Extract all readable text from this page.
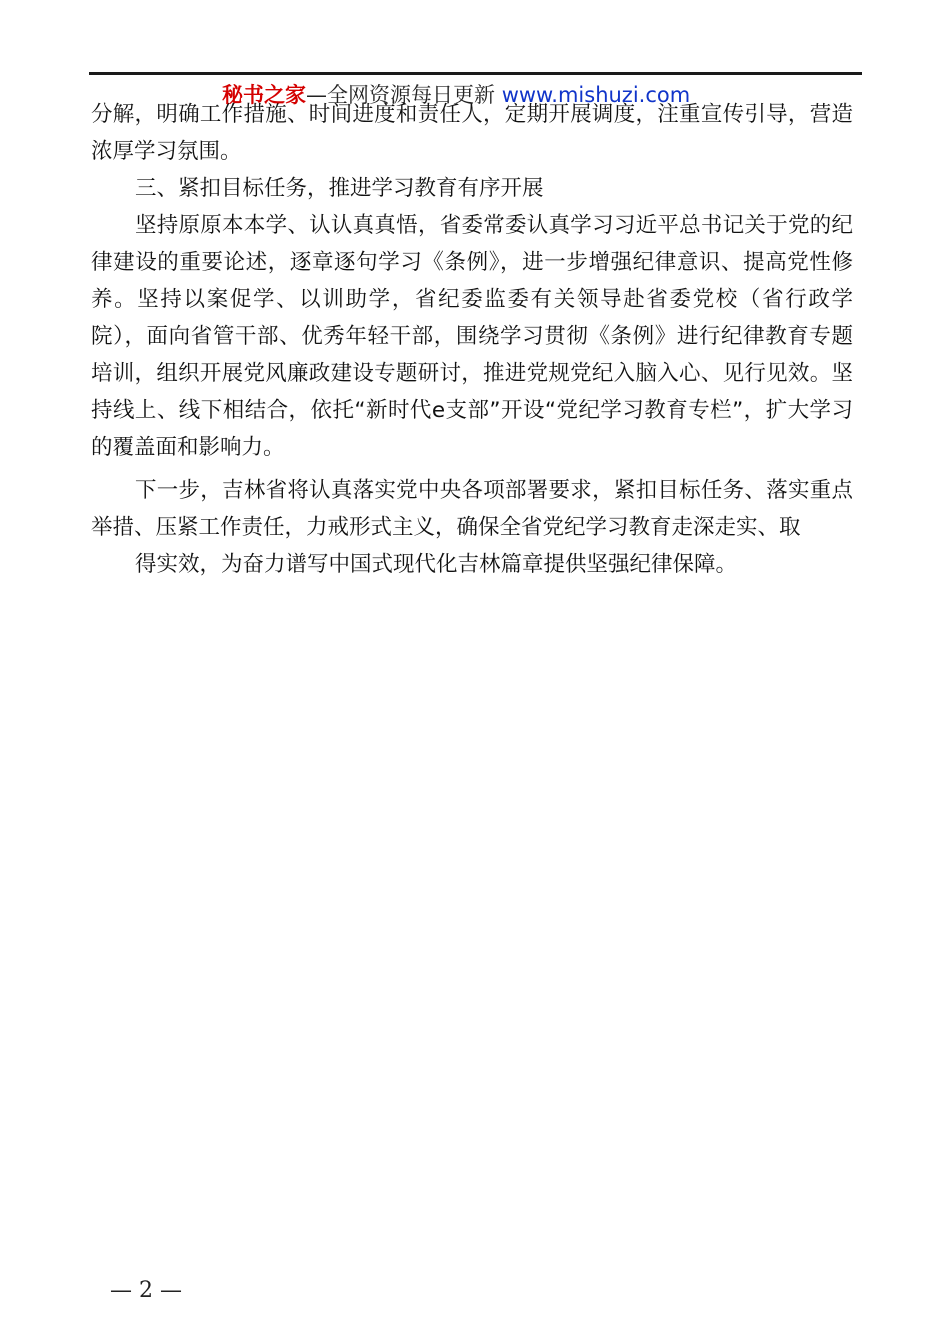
秘书之家—全网资源每日更新 www.mishuzi.com

分解，明确工作措施、时间进度和责任人，定期开展调度，注重宣传引导，营造浓厚学习氛围。

三、紧扣目标任务，推进学习教育有序开展

坚持原原本本学、认认真真悟，省委常委认真学习习近平总书记关于党的纪律建设的重要论述，逐章逐句学习《条例》，进一步增强纪律意识、提高党性修养。坚持以案促学、以训助学，省纪委监委有关领导赴省委党校（省行政学院），面向省管干部、优秀年轻干部，围绕学习贯彻《条例》进行纪律教育专题培训，组织开展党风廉政建设专题研讨，推进党规党纪入脑入心、见行见效。坚持线上、线下相结合，依托“新时代e支部”开设“党纪学习教育专栏”，扩大学习的覆盖面和影响力。

下一步，吉林省将认真落实党中央各项部署要求，紧扣目标任务、落实重点举措、压紧工作责任，力戒形式主义，确保全省党纪学习教育走深走实、取
得实效，为奋力谱写中国式现代化吉林篇章提供坚强纪律保障。

— 2 —
